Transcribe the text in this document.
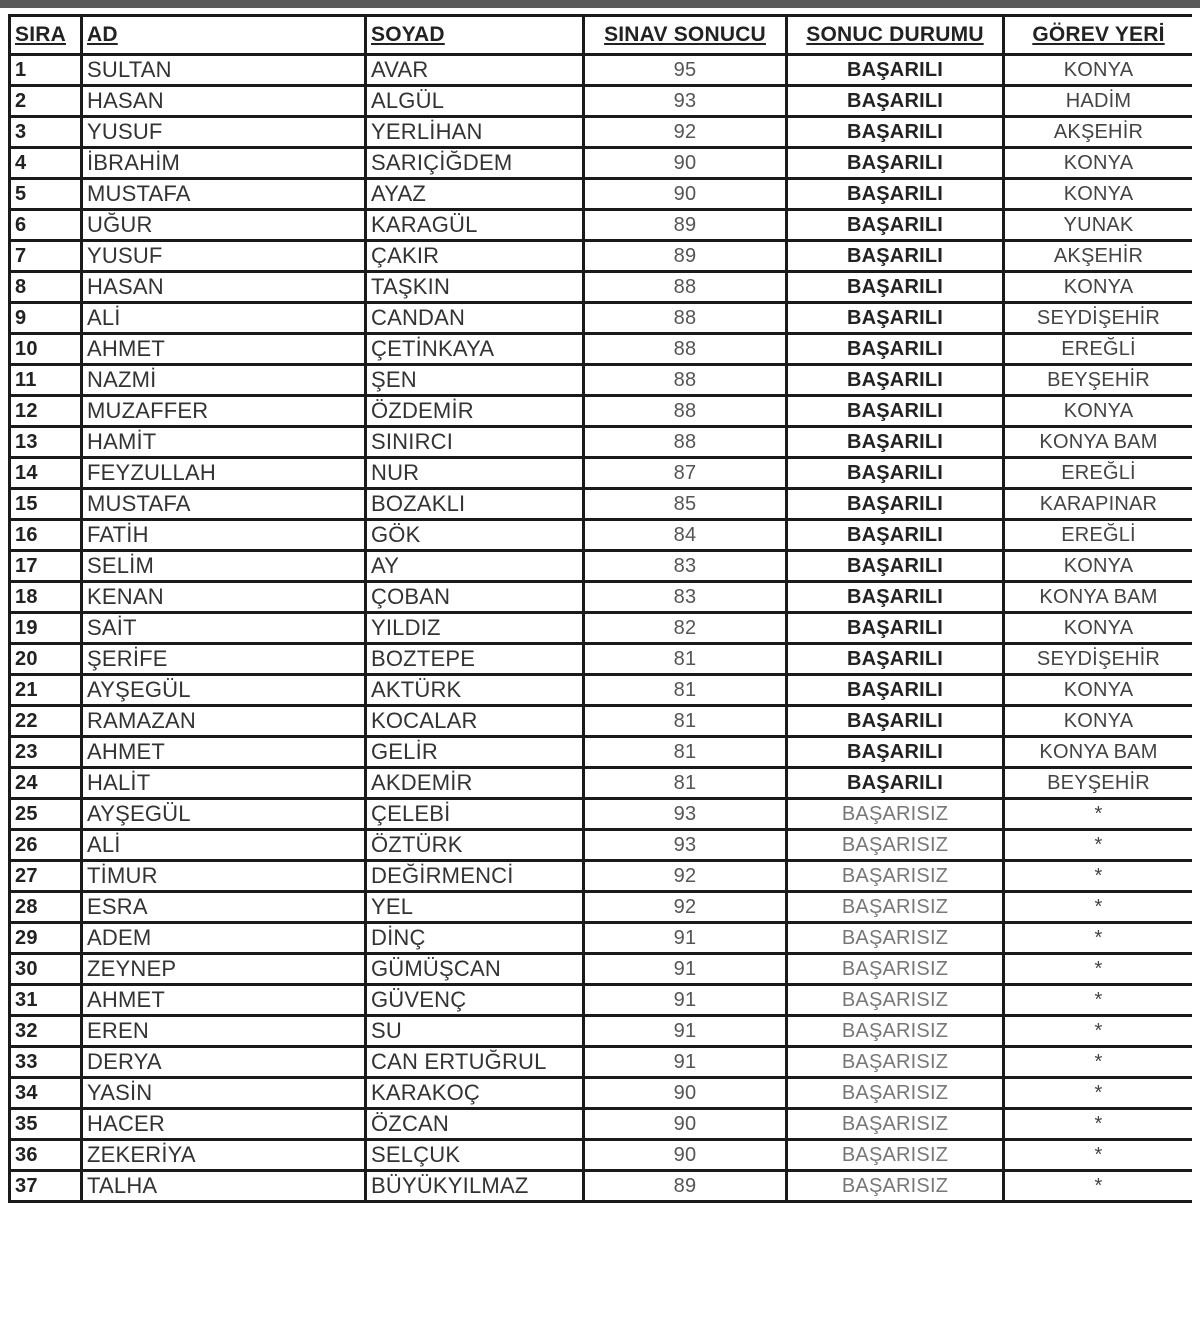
SIRA	AD	SOYAD	SINAV SONUCU	SONUC DURUMU	GÖREV YERİ
1	SULTAN	AVAR	95	BAŞARILI	KONYA
2	HASAN	ALGÜL	93	BAŞARILI	HADİM
3	YUSUF	YERLİHAN	92	BAŞARILI	AKŞEHİR
4	İBRAHİM	SARIÇİĞDEM	90	BAŞARILI	KONYA
5	MUSTAFA	AYAZ	90	BAŞARILI	KONYA
6	UĞUR	KARAGÜL	89	BAŞARILI	YUNAK
7	YUSUF	ÇAKIR	89	BAŞARILI	AKŞEHİR
8	HASAN	TAŞKIN	88	BAŞARILI	KONYA
9	ALİ	CANDAN	88	BAŞARILI	SEYDİŞEHİR
10	AHMET	ÇETİNKAYA	88	BAŞARILI	EREĞLİ
11	NAZMİ	ŞEN	88	BAŞARILI	BEYŞEHİR
12	MUZAFFER	ÖZDEMİR	88	BAŞARILI	KONYA
13	HAMİT	SINIRCI	88	BAŞARILI	KONYA BAM
14	FEYZULLAH	NUR	87	BAŞARILI	EREĞLİ
15	MUSTAFA	BOZAKLI	85	BAŞARILI	KARAPINAR
16	FATİH	GÖK	84	BAŞARILI	EREĞLİ
17	SELİM	AY	83	BAŞARILI	KONYA
18	KENAN	ÇOBAN	83	BAŞARILI	KONYA BAM
19	SAİT	YILDIZ	82	BAŞARILI	KONYA
20	ŞERİFE	BOZTEPE	81	BAŞARILI	SEYDİŞEHİR
21	AYŞEGÜL	AKTÜRK	81	BAŞARILI	KONYA
22	RAMAZAN	KOCALAR	81	BAŞARILI	KONYA
23	AHMET	GELİR	81	BAŞARILI	KONYA BAM
24	HALİT	AKDEMİR	81	BAŞARILI	BEYŞEHİR
25	AYŞEGÜL	ÇELEBİ	93	BAŞARISIZ	*
26	ALİ	ÖZTÜRK	93	BAŞARISIZ	*
27	TİMUR	DEĞİRMENCİ	92	BAŞARISIZ	*
28	ESRA	YEL	92	BAŞARISIZ	*
29	ADEM	DİNÇ	91	BAŞARISIZ	*
30	ZEYNEP	GÜMÜŞCAN	91	BAŞARISIZ	*
31	AHMET	GÜVENÇ	91	BAŞARISIZ	*
32	EREN	SU	91	BAŞARISIZ	*
33	DERYA	CAN ERTUĞRUL	91	BAŞARISIZ	*
34	YASİN	KARAKOÇ	90	BAŞARISIZ	*
35	HACER	ÖZCAN	90	BAŞARISIZ	*
36	ZEKERİYA	SELÇUK	90	BAŞARISIZ	*
37	TALHA	BÜYÜKYILMAZ	89	BAŞARISIZ	*
